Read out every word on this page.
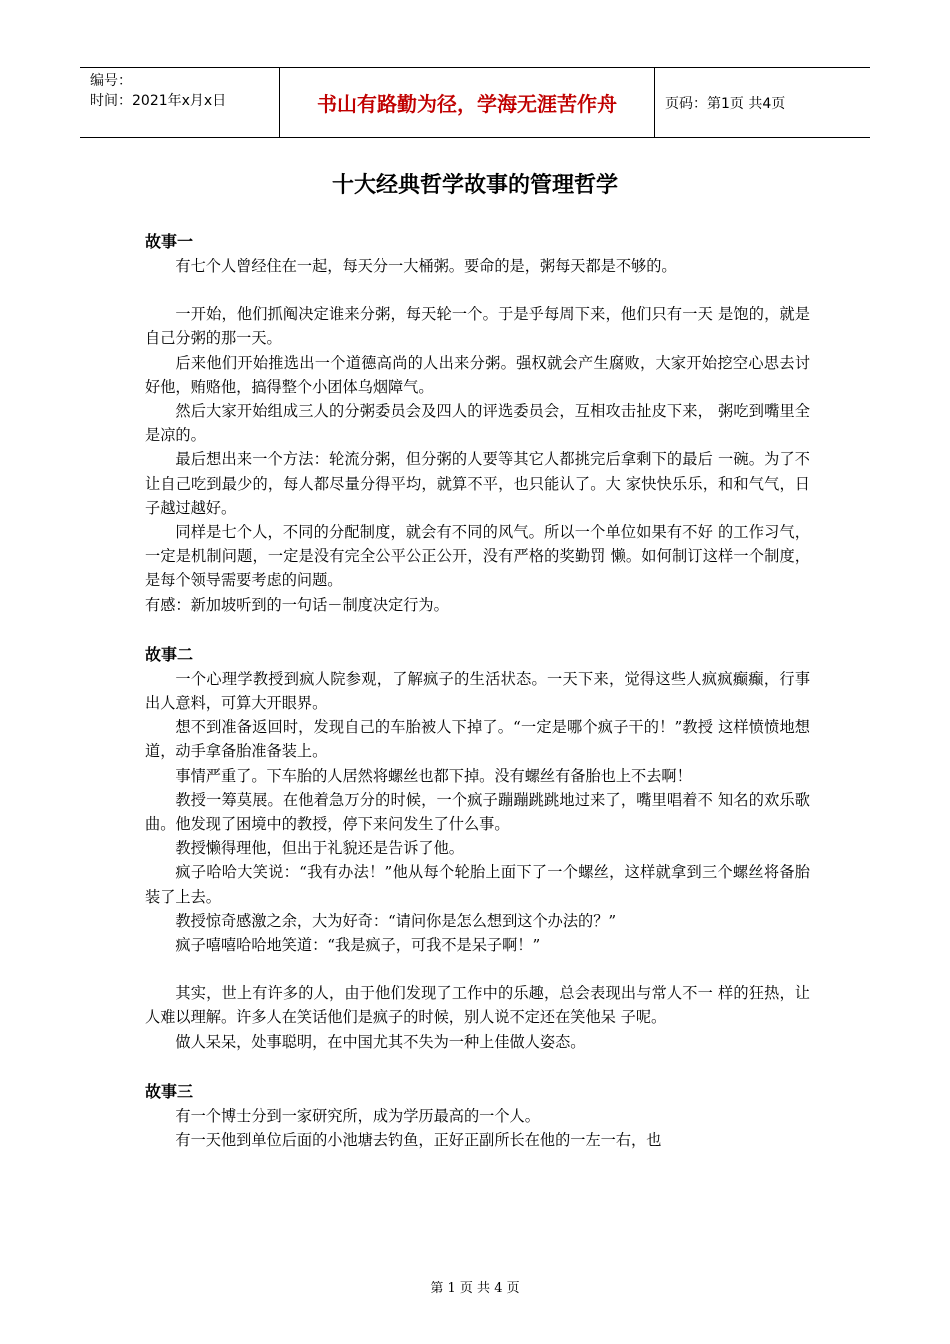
编号：
时间：2021年x月x日	书山有路勤为径，学海无涯苦作舟	页码：第1页 共4页
十大经典哲学故事的管理哲学

故事一

有七个人曾经住在一起，每天分一大桶粥。要命的是，粥每天都是不够的。

一开始，他们抓阄决定谁来分粥，每天轮一个。于是乎每周下来，他们只有一天 是饱的，就是自己分粥的那一天。

后来他们开始推选出一个道德高尚的人出来分粥。强权就会产生腐败，大家开始挖空心思去讨好他，贿赂他，搞得整个小团体乌烟障气。

然后大家开始组成三人的分粥委员会及四人的评选委员会，互相攻击扯皮下来， 粥吃到嘴里全是凉的。

最后想出来一个方法：轮流分粥，但分粥的人要等其它人都挑完后拿剩下的最后 一碗。为了不让自己吃到最少的，每人都尽量分得平均，就算不平，也只能认了。大 家快快乐乐，和和气气，日子越过越好。

同样是七个人，不同的分配制度，就会有不同的风气。所以一个单位如果有不好 的工作习气，一定是机制问题，一定是没有完全公平公正公开，没有严格的奖勤罚 懒。如何制订这样一个制度，是每个领导需要考虑的问题。

有感：新加坡听到的一句话－制度决定行为。

故事二

一个心理学教授到疯人院参观，了解疯子的生活状态。一天下来，觉得这些人疯疯癫癫，行事出人意料，可算大开眼界。

想不到准备返回时，发现自己的车胎被人下掉了。“一定是哪个疯子干的！”教授 这样愤愤地想道，动手拿备胎准备装上。

事情严重了。下车胎的人居然将螺丝也都下掉。没有螺丝有备胎也上不去啊！

教授一筹莫展。在他着急万分的时候，一个疯子蹦蹦跳跳地过来了，嘴里唱着不 知名的欢乐歌曲。他发现了困境中的教授，停下来问发生了什么事。

教授懒得理他，但出于礼貌还是告诉了他。

疯子哈哈大笑说：“我有办法！”他从每个轮胎上面下了一个螺丝，这样就拿到三个螺丝将备胎装了上去。

教授惊奇感激之余，大为好奇：“请问你是怎么想到这个办法的？”

疯子嘻嘻哈哈地笑道：“我是疯子，可我不是呆子啊！”

其实，世上有许多的人，由于他们发现了工作中的乐趣，总会表现出与常人不一 样的狂热，让人难以理解。许多人在笑话他们是疯子的时候，别人说不定还在笑他呆 子呢。

做人呆呆，处事聪明，在中国尤其不失为一种上佳做人姿态。

故事三

有一个博士分到一家研究所，成为学历最高的一个人。

有一天他到单位后面的小池塘去钓鱼，正好正副所长在他的一左一右，也

第 1 页 共 4 页
